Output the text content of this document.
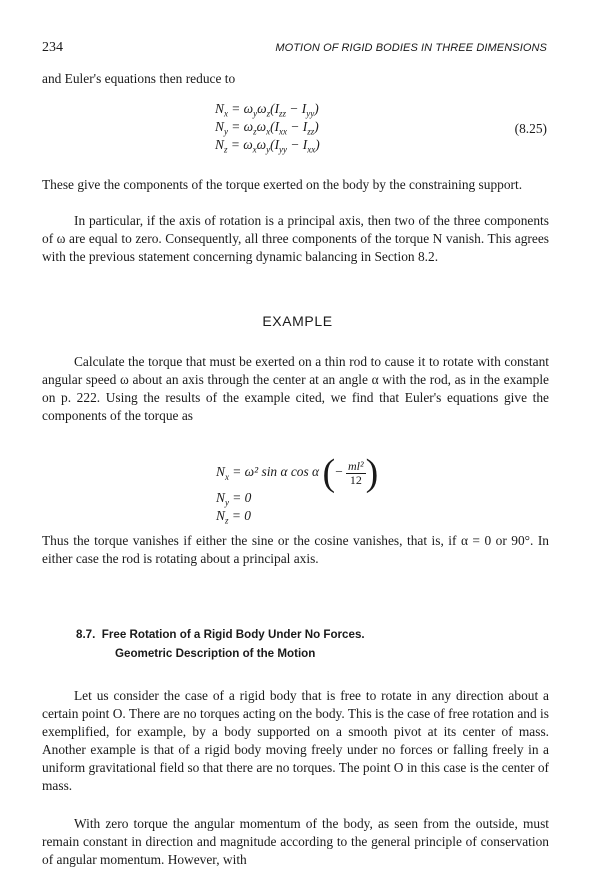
234	MOTION OF RIGID BODIES IN THREE DIMENSIONS
and Euler's equations then reduce to
$N_x = \omega_y\omega_z(I_{zz} - I_{yy})$
$N_y = \omega_z\omega_x(I_{xx} - I_{zz})$
$N_z = \omega_x\omega_y(I_{yy} - I_{xx})$
(8.25)
These give the components of the torque exerted on the body by the constraining support.
In particular, if the axis of rotation is a principal axis, then two of the three components of ω are equal to zero. Consequently, all three components of the torque N vanish. This agrees with the previous statement concerning dynamic balancing in Section 8.2.
EXAMPLE
Calculate the torque that must be exerted on a thin rod to cause it to rotate with constant angular speed ω about an axis through the center at an angle α with the rod, as in the example on p. 222. Using the results of the example cited, we find that Euler's equations give the components of the torque as
$N_x = \omega^2$ sin α cos α (− $\frac{\text{ml²}}{12}$ )
$N_y = 0$
$N_z = 0$
Thus the torque vanishes if either the sine or the cosine vanishes, that is, if α = 0 or 90°. In either case the rod is rotating about a principal axis.
8.7. Free Rotation of a Rigid Body Under No Forces.
Geometric Description of the Motion
Let us consider the case of a rigid body that is free to rotate in any direction about a certain point O. There are no torques acting on the body. This is the case of free rotation and is exemplified, for example, by a body supported on a smooth pivot at its center of mass. Another example is that of a rigid body moving freely under no forces or falling freely in a uniform gravitational field so that there are no torques. The point O in this case is the center of mass.
With zero torque the angular momentum of the body, as seen from the outside, must remain constant in direction and magnitude according to the general principle of conservation of angular momentum. However, with
